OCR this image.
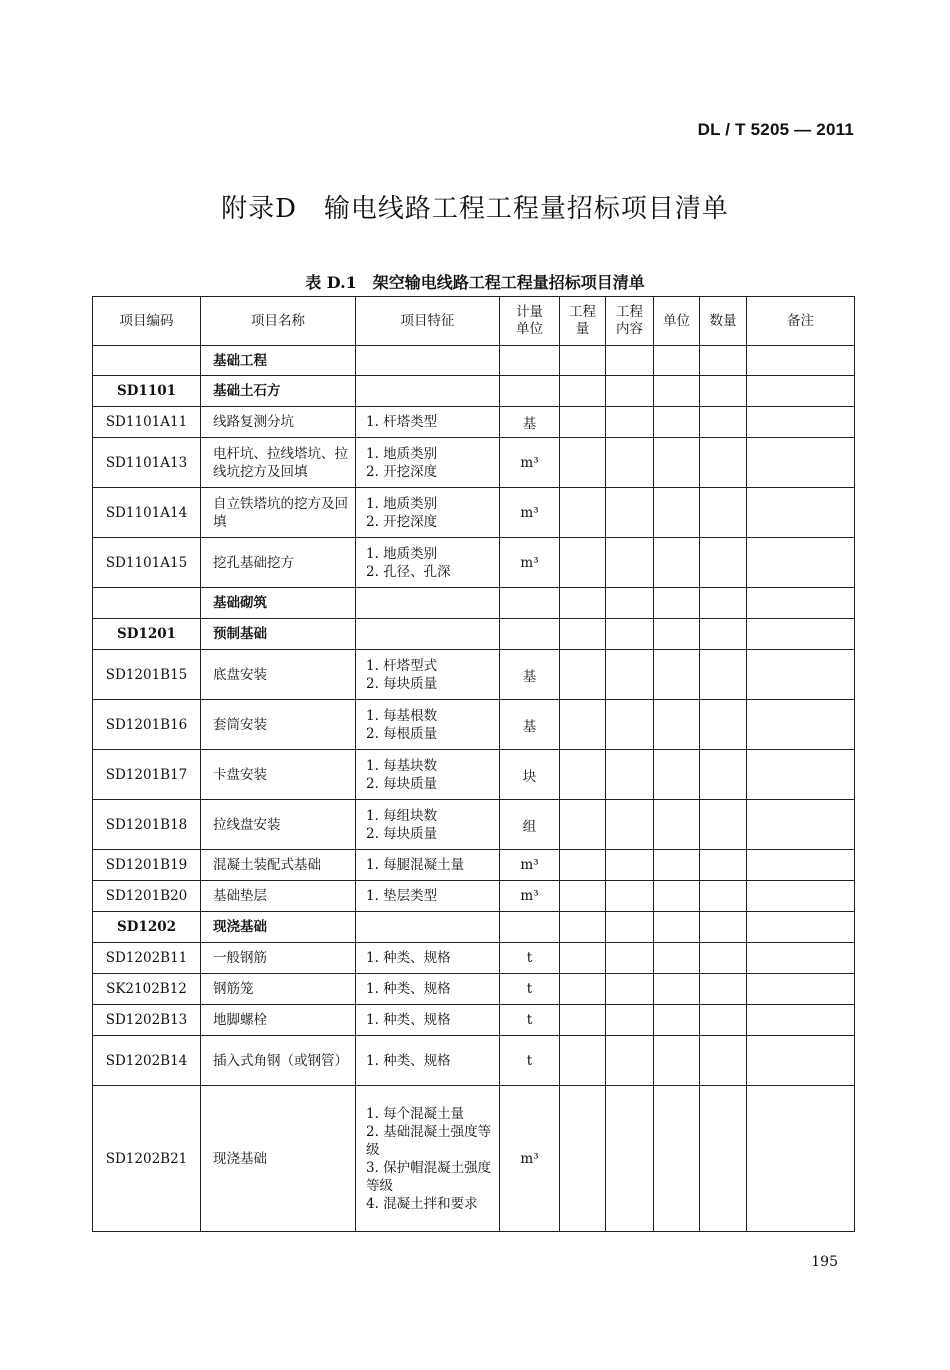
DL / T 5205 — 2011
附录D　输电线路工程工程量招标项目清单
表 D.1　架空输电线路工程工程量招标项目清单
项目编码	项目名称	项目特征	计量单位	工程量	工程内容	单位	数量	备注
	基础工程							
SD1101	基础土石方							
SD1101A11	线路复测分坑	1. 杆塔类型	基					
SD1101A13	电杆坑、拉线塔坑、拉线坑挖方及回填	1. 地质类别
2. 开挖深度	m³					
SD1101A14	自立铁塔坑的挖方及回填	1. 地质类别
2. 开挖深度	m³					
SD1101A15	挖孔基础挖方	1. 地质类别
2. 孔径、孔深	m³					
	基础砌筑							
SD1201	预制基础							
SD1201B15	底盘安装	1. 杆塔型式
2. 每块质量	基					
SD1201B16	套筒安装	1. 每基根数
2. 每根质量	基					
SD1201B17	卡盘安装	1. 每基块数
2. 每块质量	块					
SD1201B18	拉线盘安装	1. 每组块数
2. 每块质量	组					
SD1201B19	混凝土装配式基础	1. 每腿混凝土量	m³					
SD1201B20	基础垫层	1. 垫层类型	m³					
SD1202	现浇基础							
SD1202B11	一般钢筋	1. 种类、规格	t					
SK2102B12	钢筋笼	1. 种类、规格	t					
SD1202B13	地脚螺栓	1. 种类、规格	t					
SD1202B14	插入式角钢（或钢管）	1. 种类、规格	t					
SD1202B21	现浇基础	1. 每个混凝土量
2. 基础混凝土强度等级
3. 保护帽混凝土强度等级
4. 混凝土拌和要求	m³					
195
